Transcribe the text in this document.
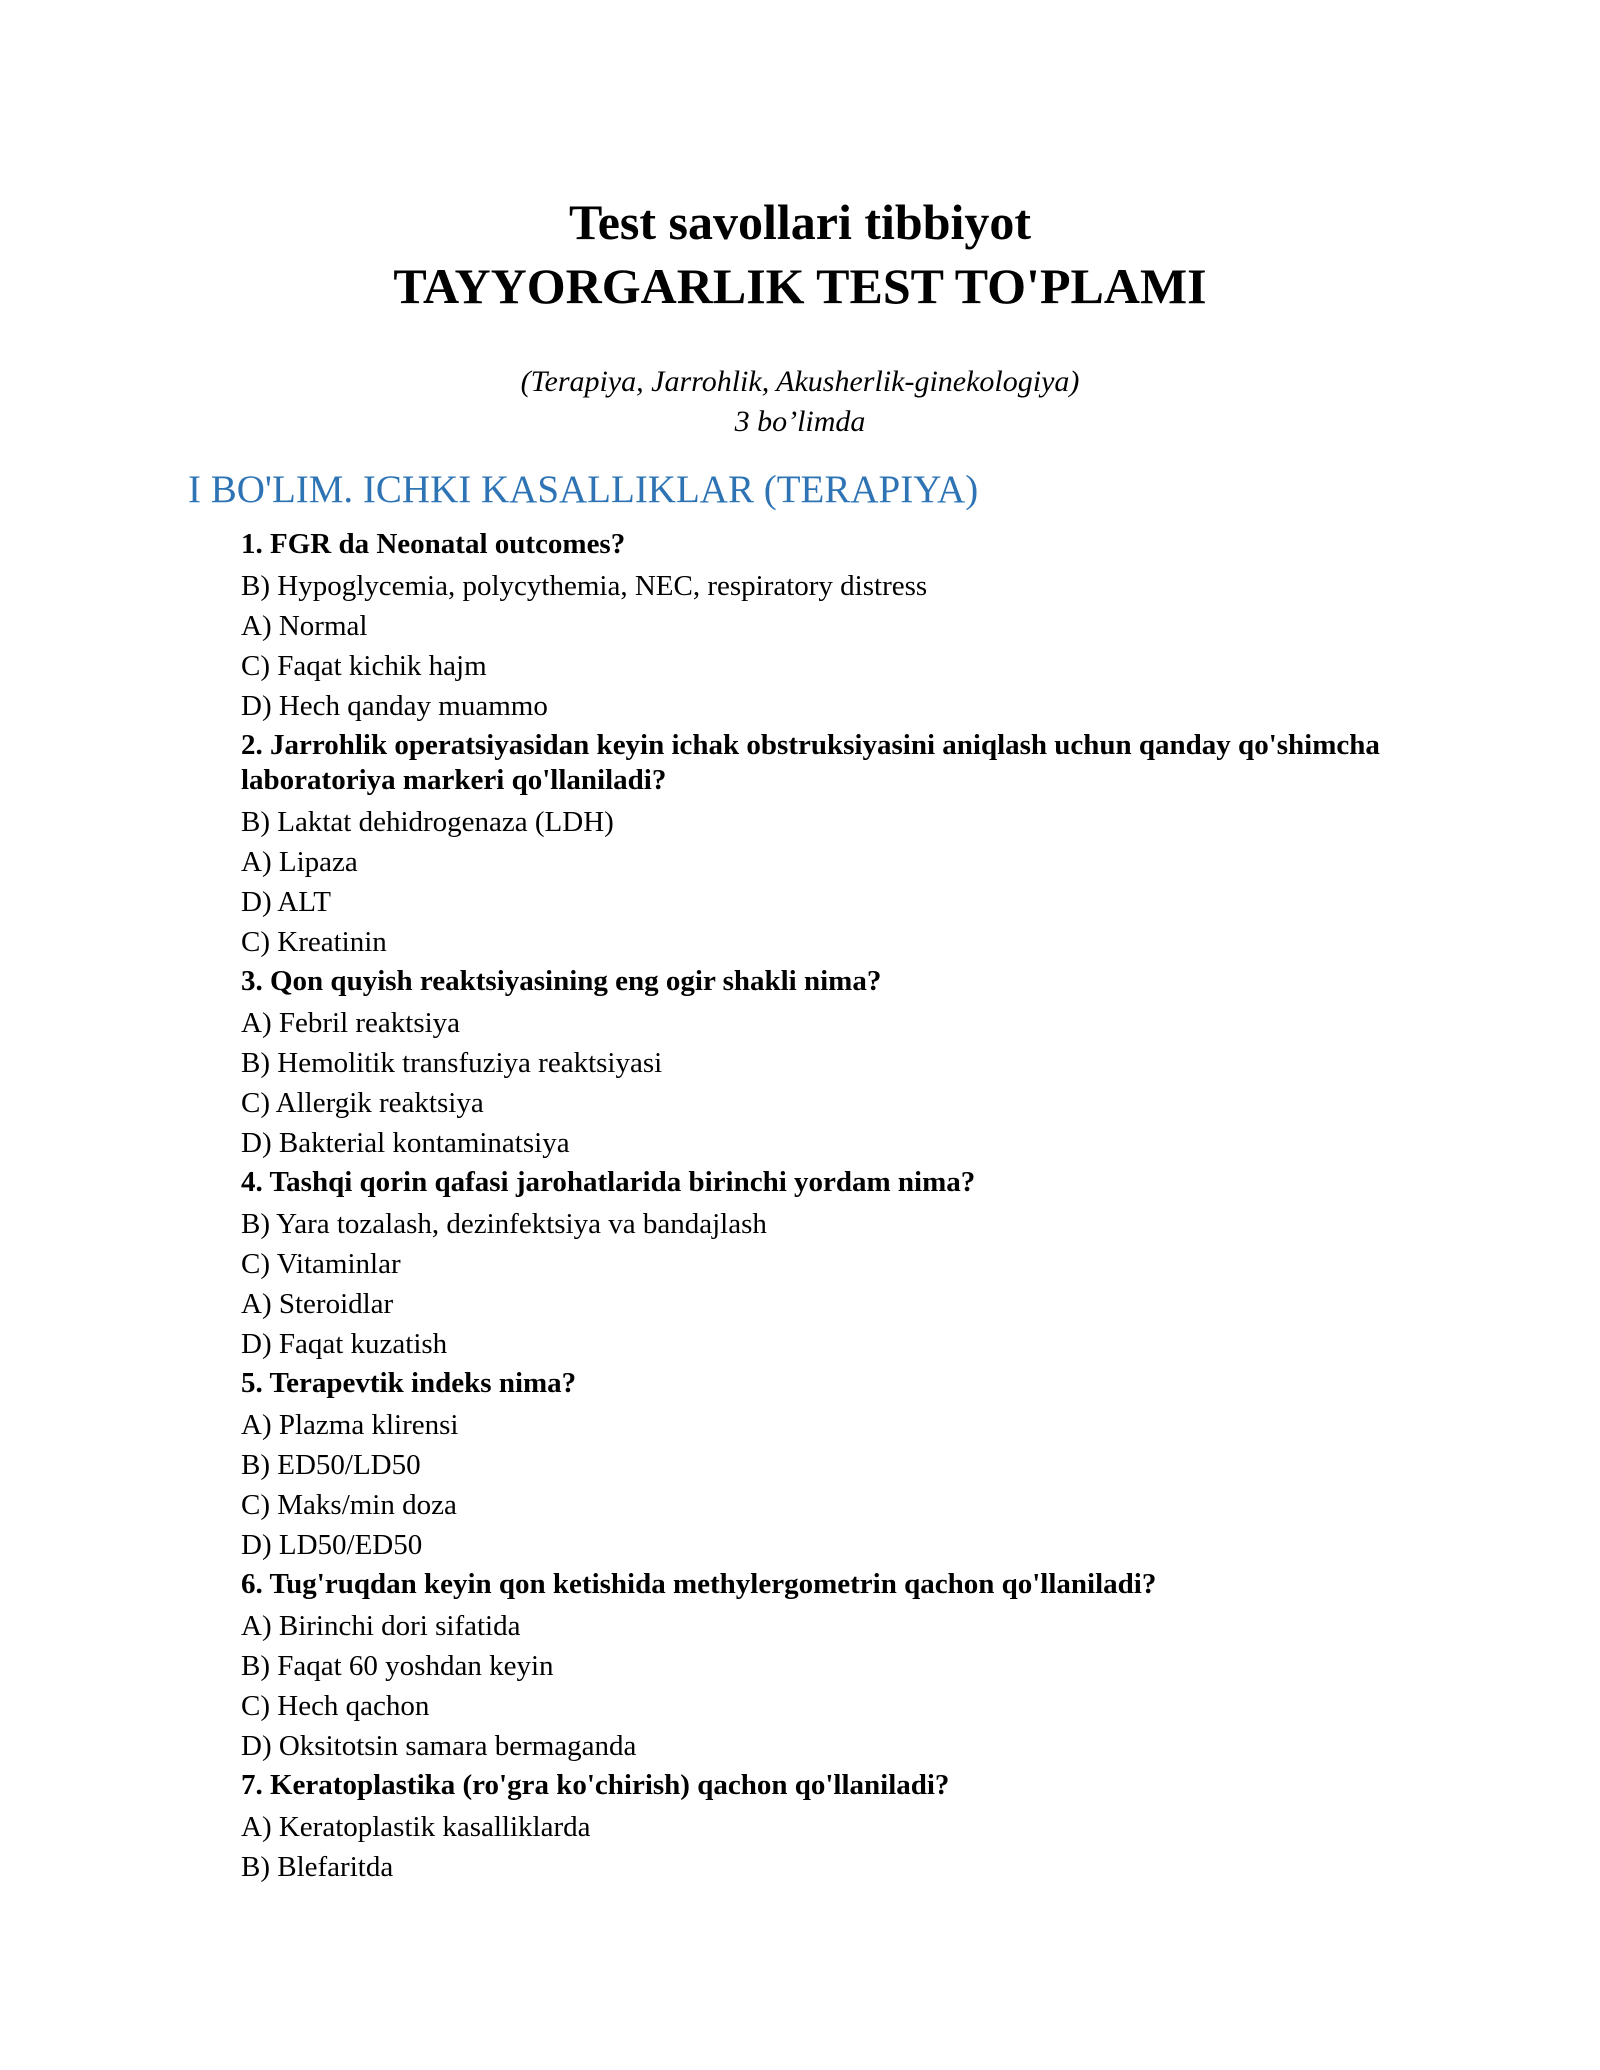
Test savollari tibbiyot

TAYYORGARLIK TEST TO'PLAMI

(Terapiya, Jarrohlik, Akusherlik-ginekologiya)
3 bo’limda
I BO'LIM. ICHKI KASALLIKLAR (TERAPIYA)
1. FGR da Neonatal outcomes?
B) Hypoglycemia, polycythemia, NEC, respiratory distress
A) Normal
C) Faqat kichik hajm
D) Hech qanday muammo
2. Jarrohlik operatsiyasidan keyin ichak obstruksiyasini aniqlash uchun qanday qo'shimcha laboratoriya markeri qo'llaniladi?
B) Laktat dehidrogenaza (LDH)
A) Lipaza
D) ALT
C) Kreatinin
3. Qon quyish reaktsiyasining eng ogir shakli nima?
A) Febril reaktsiya
B) Hemolitik transfuziya reaktsiyasi
C) Allergik reaktsiya
D) Bakterial kontaminatsiya
4. Tashqi qorin qafasi jarohatlarida birinchi yordam nima?
B) Yara tozalash, dezinfektsiya va bandajlash
C) Vitaminlar
A) Steroidlar
D) Faqat kuzatish
5. Terapevtik indeks nima?
A) Plazma klirensi
B) ED50/LD50
C) Maks/min doza
D) LD50/ED50
6. Tug'ruqdan keyin qon ketishida methylergometrin qachon qo'llaniladi?
A) Birinchi dori sifatida
B) Faqat 60 yoshdan keyin
C) Hech qachon
D) Oksitotsin samara bermaganda
7. Keratoplastika (ro'gra ko'chirish) qachon qo'llaniladi?
A) Keratoplastik kasalliklarda
B) Blefaritda
